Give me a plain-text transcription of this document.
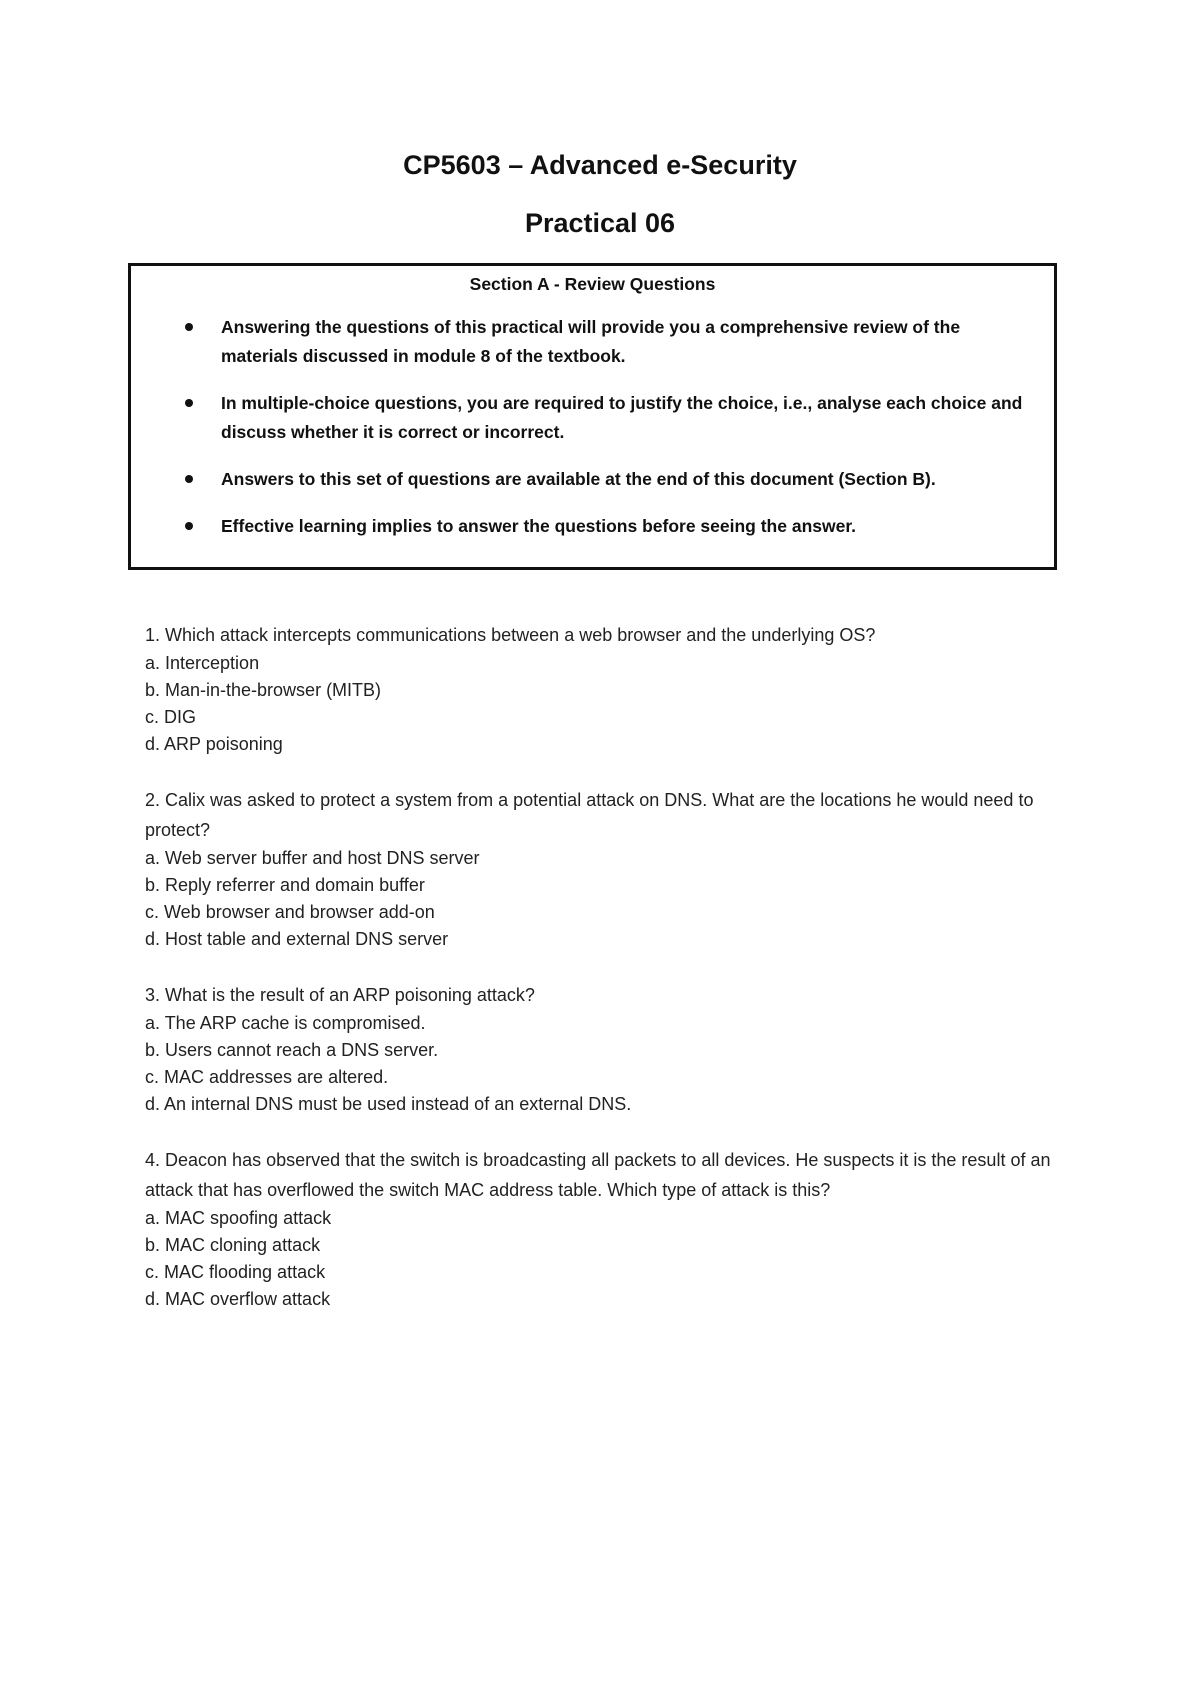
CP5603 – Advanced e-Security
Practical 06
Section A - Review Questions
Answering the questions of this practical will provide you a comprehensive review of the materials discussed in module 8 of the textbook.
In multiple-choice questions, you are required to justify the choice, i.e., analyse each choice and discuss whether it is correct or incorrect.
Answers to this set of questions are available at the end of this document (Section B).
Effective learning implies to answer the questions before seeing the answer.

1. Which attack intercepts communications between a web browser and the underlying OS?

a. Interception

b. Man-in-the-browser (MITB)

c. DIG

d. ARP poisoning

2. Calix was asked to protect a system from a potential attack on DNS. What are the locations he would need to protect?

a. Web server buffer and host DNS server

b. Reply referrer and domain buffer

c. Web browser and browser add-on

d. Host table and external DNS server

3. What is the result of an ARP poisoning attack?

a. The ARP cache is compromised.

b. Users cannot reach a DNS server.

c. MAC addresses are altered.

d. An internal DNS must be used instead of an external DNS.

4. Deacon has observed that the switch is broadcasting all packets to all devices. He suspects it is the result of an attack that has overflowed the switch MAC address table. Which type of attack is this?

a. MAC spoofing attack

b. MAC cloning attack

c. MAC flooding attack

d. MAC overflow attack
